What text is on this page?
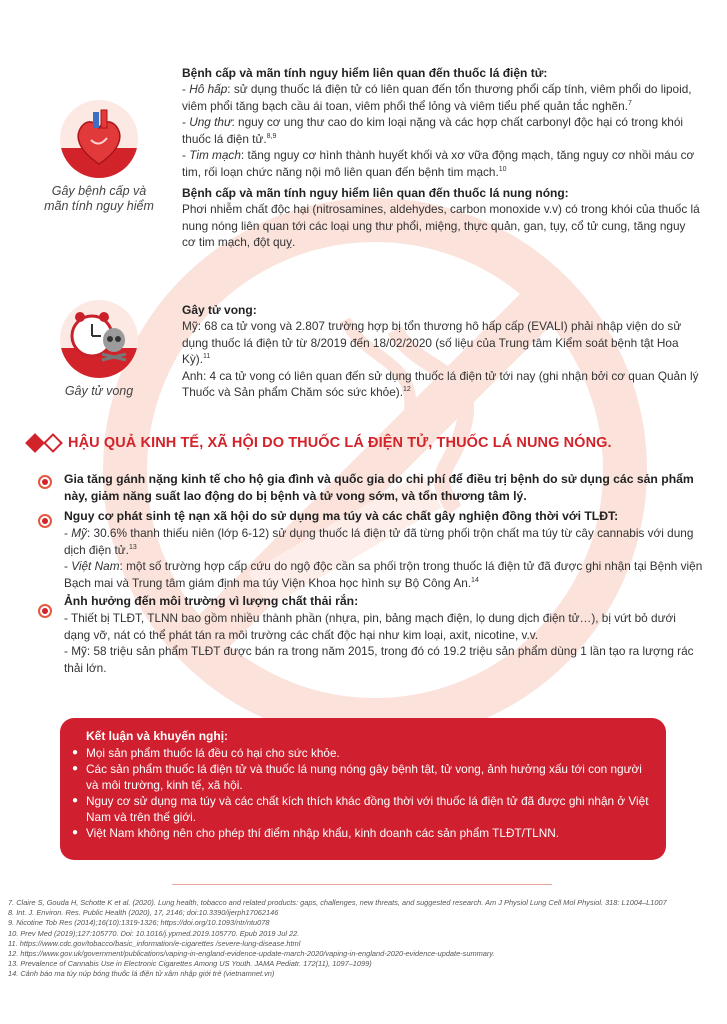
Gây bệnh cấp và mãn tính nguy hiểm
Bệnh cấp và mãn tính nguy hiểm liên quan đến thuốc lá điện tử:

- Hô hấp: sử dụng thuốc lá điện tử có liên quan đến tổn thương phổi cấp tính, viêm phổi do lipoid, viêm phổi tăng bạch cầu ái toan, viêm phổi thể lỏng và viêm tiểu phế quản tắc nghẽn.$^7$

- Ung thư: nguy cơ ung thư cao do kim loại nặng và các hợp chất carbonyl độc hại có trong khói thuốc lá điện tử.$^{8,9}$

- Tim mạch: tăng nguy cơ hình thành huyết khối và xơ vữa động mạch, tăng nguy cơ nhồi máu cơ tim, rối loạn chức năng nội mô liên quan đến bệnh tim mạch.$^{10}$

Bệnh cấp và mãn tính nguy hiểm liên quan đến thuốc lá nung nóng:

Phơi nhiễm chất độc hại (nitrosamines, aldehydes, carbon monoxide v.v) có trong khói của thuốc lá nung nóng liên quan tới các loại ung thư phổi, miệng, thực quản, gan, tụy, cổ tử cung, tăng nguy cơ tim mạch, đột quỵ.

Gây tử vong
Gây tử vong:

Mỹ: 68 ca tử vong và 2.807 trường hợp bị tổn thương hô hấp cấp (EVALI) phải nhập viện do sử dụng thuốc lá điện tử từ 8/2019 đến 18/02/2020 (số liệu của Trung tâm Kiểm soát bệnh tật Hoa Kỳ).$^{11}$

Anh: 4 ca tử vong có liên quan đến sử dụng thuốc lá điện tử tới nay (ghi nhận bởi cơ quan Quản lý Thuốc và Sản phẩm Chăm sóc sức khỏe).$^{12}$

HẬU QUẢ KINH TẾ, XÃ HỘI DO THUỐC LÁ ĐIỆN TỬ, THUỐC LÁ NUNG NÓNG.
Gia tăng gánh nặng kinh tế cho hộ gia đình và quốc gia do chi phí để điều trị bệnh do sử dụng các sản phẩm này, giảm năng suất lao động do bị bệnh và tử vong sớm, và tổn thương tâm lý.
Nguy cơ phát sinh tệ nạn xã hội do sử dụng ma túy và các chất gây nghiện đồng thời với TLĐT:

- Mỹ: 30.6% thanh thiếu niên (lớp 6-12) sử dụng thuốc lá điện tử đã từng phối trộn chất ma túy từ cây cannabis với dung dịch điện tử.$^{13}$

- Việt Nam: một số trường hợp cấp cứu do ngộ độc cần sa phối trộn trong thuốc lá điện tử đã được ghi nhận tại Bệnh viện Bạch mai và Trung tâm giám định ma túy Viện Khoa học hình sự Bộ Công An.$^{14}$

Ảnh hưởng đến môi trường vì lượng chất thải rắn:

- Thiết bị TLĐT, TLNN bao gồm nhiều thành phần (nhựa, pin, bảng mạch điện, lọ dung dịch điện tử…), bị vứt bỏ dưới dạng vỡ, nát có thể phát tán ra môi trường các chất độc hại như kim loại, axit, nicotine, v.v.

- Mỹ: 58 triệu sản phẩm TLĐT được bán ra trong năm 2015, trong đó có 19.2 triệu sản phẩm dùng 1 lần tạo ra lượng rác thải lớn.

Kết luận và khuyến nghị:
● Mọi sản phẩm thuốc lá đều có hại cho sức khỏe.
● Các sản phẩm thuốc lá điện tử và thuốc lá nung nóng gây bệnh tật, tử vong, ảnh hưởng xấu tới con người và môi trường, kinh tế, xã hội.
● Nguy cơ sử dụng ma túy và các chất kích thích khác đồng thời với thuốc lá điện tử đã được ghi nhận ở Việt Nam và trên thế giới.
● Việt Nam không nên cho phép thí điểm nhập khẩu, kinh doanh các sản phẩm TLĐT/TLNN.
7. Claire S, Gouda H, Schotte K et al. (2020). Lung health, tobacco and related products: gaps, challenges, new threats, and suggested research. Am J Physiol Lung Cell Mol Physiol. 318: L1004–L1007
8. Int. J. Environ. Res. Public Health (2020), 17, 2146; doi:10.3390/ijerph17062146
9. Nicotine Tob Res (2014);16(10):1319-1326; https://doi.org/10.1093/ntr/ntu078
10. Prev Med (2019);127:105770. Doi: 10.1016/j.ypmed.2019.105770. Epub 2019 Jul 22.
11. https://www.cdc.gov/tobacco/basic_information/e-cigarettes /severe-lung-disease.html
12. https://www.gov.uk/government/publications/vaping-in-england-evidence-update-march-2020/vaping-in-england-2020-evidence-update-summary.
13. Prevalence of Cannabis Use in Electronic Cigarettes Among US Youth. JAMA Pediatr. 172(11), 1097–1099)
14. Cảnh báo ma túy núp bóng thuốc lá điện tử xâm nhập giới trẻ (vietnamnet.vn)
